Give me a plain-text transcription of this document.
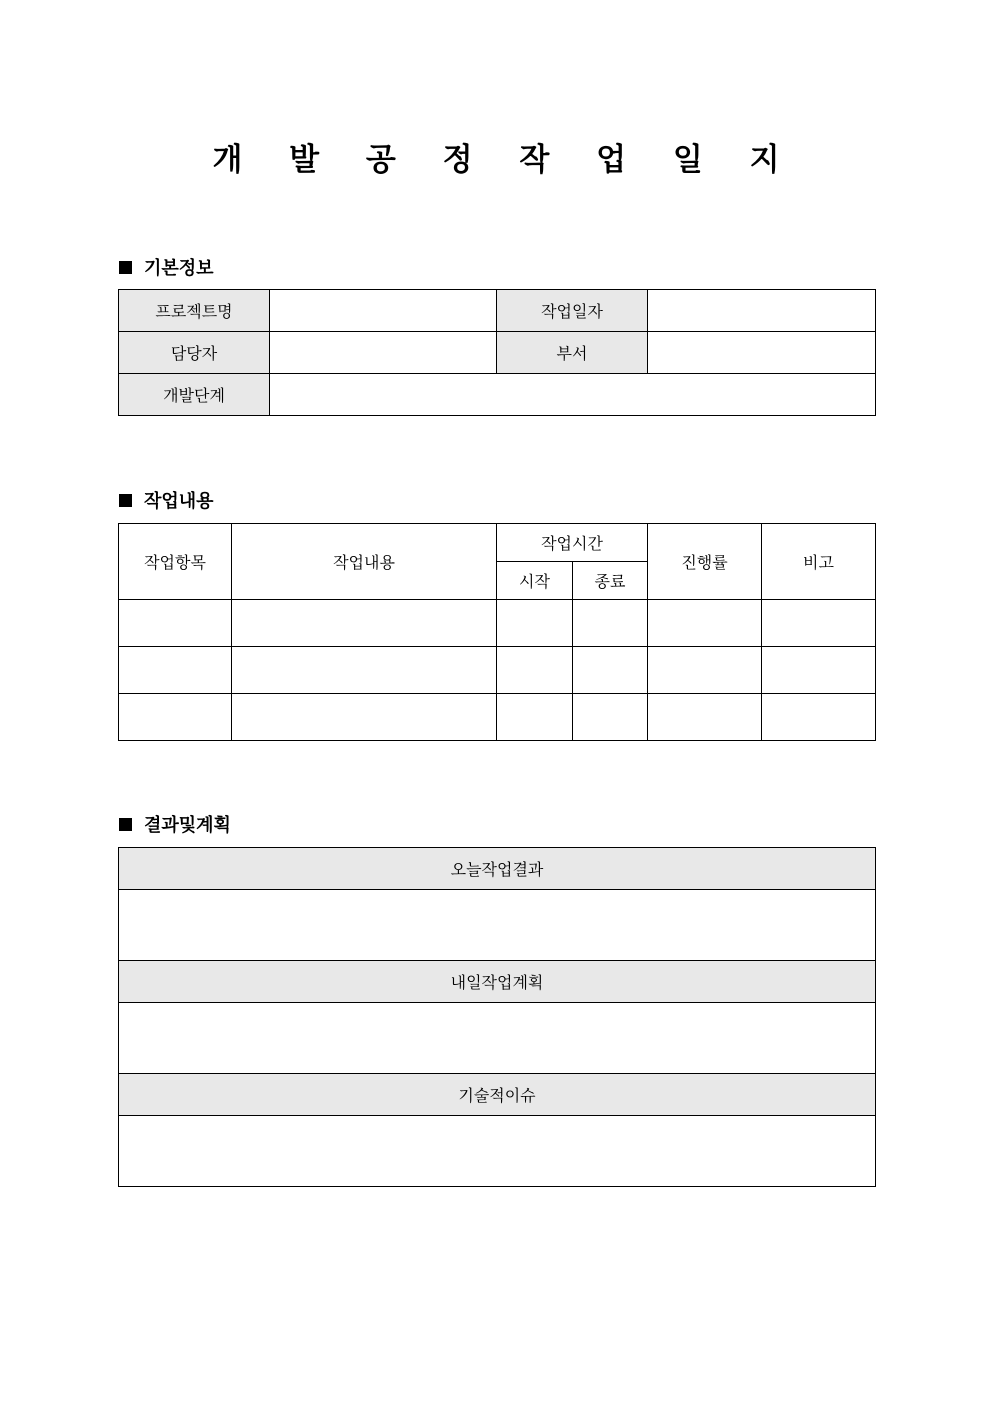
개 발 공 정 작 업 일 지
기본정보
프로젝트명		작업일자	
담당자		부서	
개발단계			
작업내용
작업항목	작업내용	작업시간		진행률	비고
		시작	종료		

결과및계획
오늘작업결과

내일작업계획

기술적이슈
